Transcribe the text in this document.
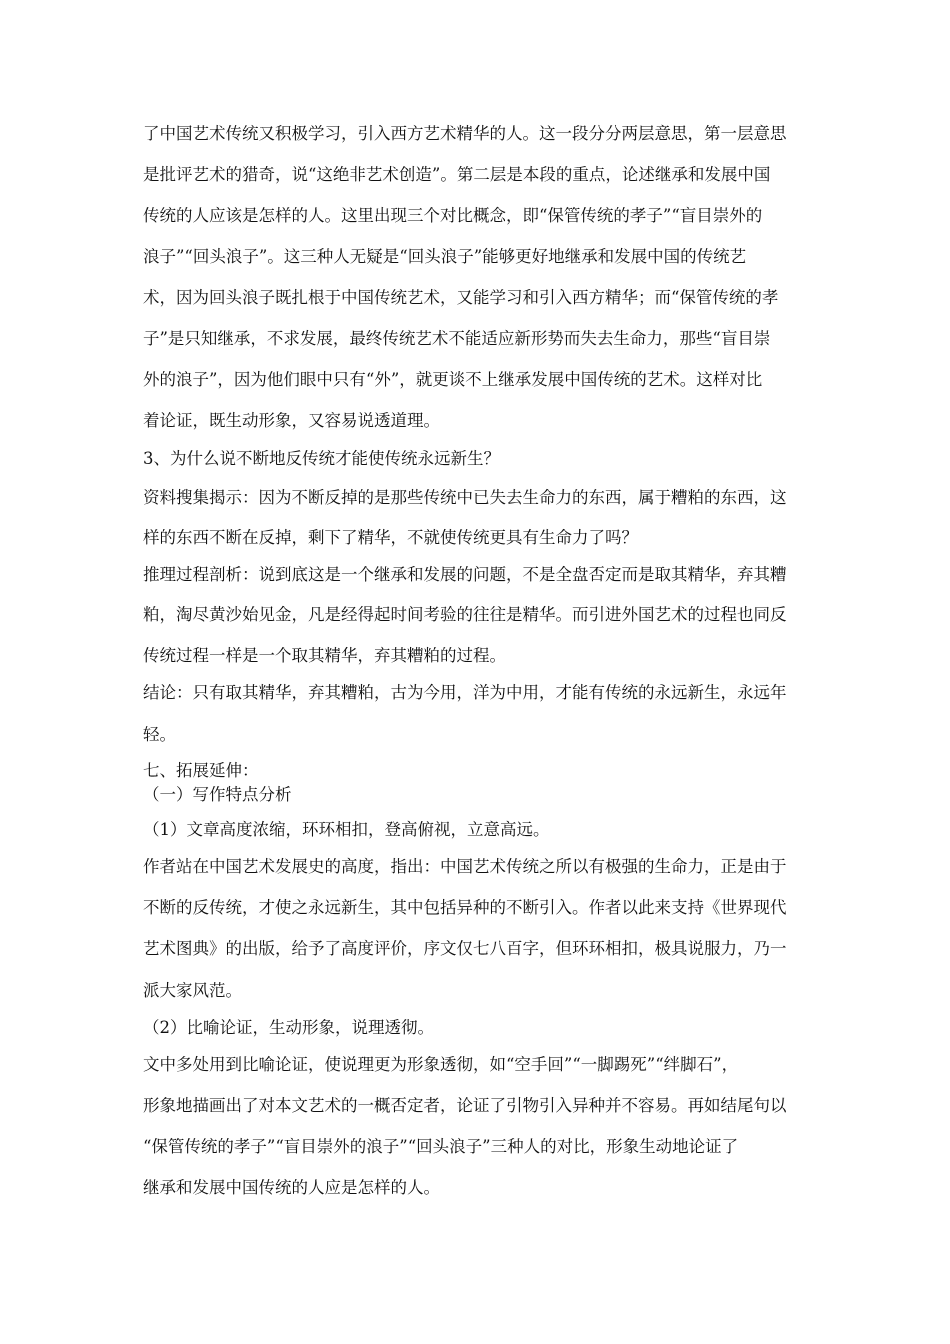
了中国艺术传统又积极学习，引入西方艺术精华的人。这一段分分两层意思，第一层意思
是批评艺术的猎奇，说“这绝非艺术创造”。第二层是本段的重点，论述继承和发展中国
传统的人应该是怎样的人。这里出现三个对比概念，即“保管传统的孝子”“盲目崇外的
浪子”“回头浪子”。这三种人无疑是“回头浪子”能够更好地继承和发展中国的传统艺
术，因为回头浪子既扎根于中国传统艺术，又能学习和引入西方精华；而“保管传统的孝
子”是只知继承，不求发展，最终传统艺术不能适应新形势而失去生命力，那些“盲目崇
外的浪子”，因为他们眼中只有“外”，就更谈不上继承发展中国传统的艺术。这样对比
着论证，既生动形象，又容易说透道理。
3、为什么说不断地反传统才能使传统永远新生？
资料搜集揭示：因为不断反掉的是那些传统中已失去生命力的东西，属于糟粕的东西，这
样的东西不断在反掉，剩下了精华，不就使传统更具有生命力了吗？
推理过程剖析：说到底这是一个继承和发展的问题，不是全盘否定而是取其精华，弃其糟
粕，淘尽黄沙始见金，凡是经得起时间考验的往往是精华。而引进外国艺术的过程也同反
传统过程一样是一个取其精华，弃其糟粕的过程。
结论：只有取其精华，弃其糟粕，古为今用，洋为中用，才能有传统的永远新生，永远年
轻。
七、拓展延伸：
（一）写作特点分析
（1）文章高度浓缩，环环相扣，登高俯视，立意高远。
作者站在中国艺术发展史的高度，指出：中国艺术传统之所以有极强的生命力，正是由于
不断的反传统，才使之永远新生，其中包括异种的不断引入。作者以此来支持《世界现代
艺术图典》的出版，给予了高度评价，序文仅七八百字，但环环相扣，极具说服力，乃一
派大家风范。
（2）比喻论证，生动形象，说理透彻。
文中多处用到比喻论证，使说理更为形象透彻，如“空手回”“一脚踢死”“绊脚石”，
形象地描画出了对本文艺术的一概否定者，论证了引物引入异种并不容易。再如结尾句以
“保管传统的孝子”“盲目崇外的浪子”“回头浪子”三种人的对比，形象生动地论证了
继承和发展中国传统的人应是怎样的人。
